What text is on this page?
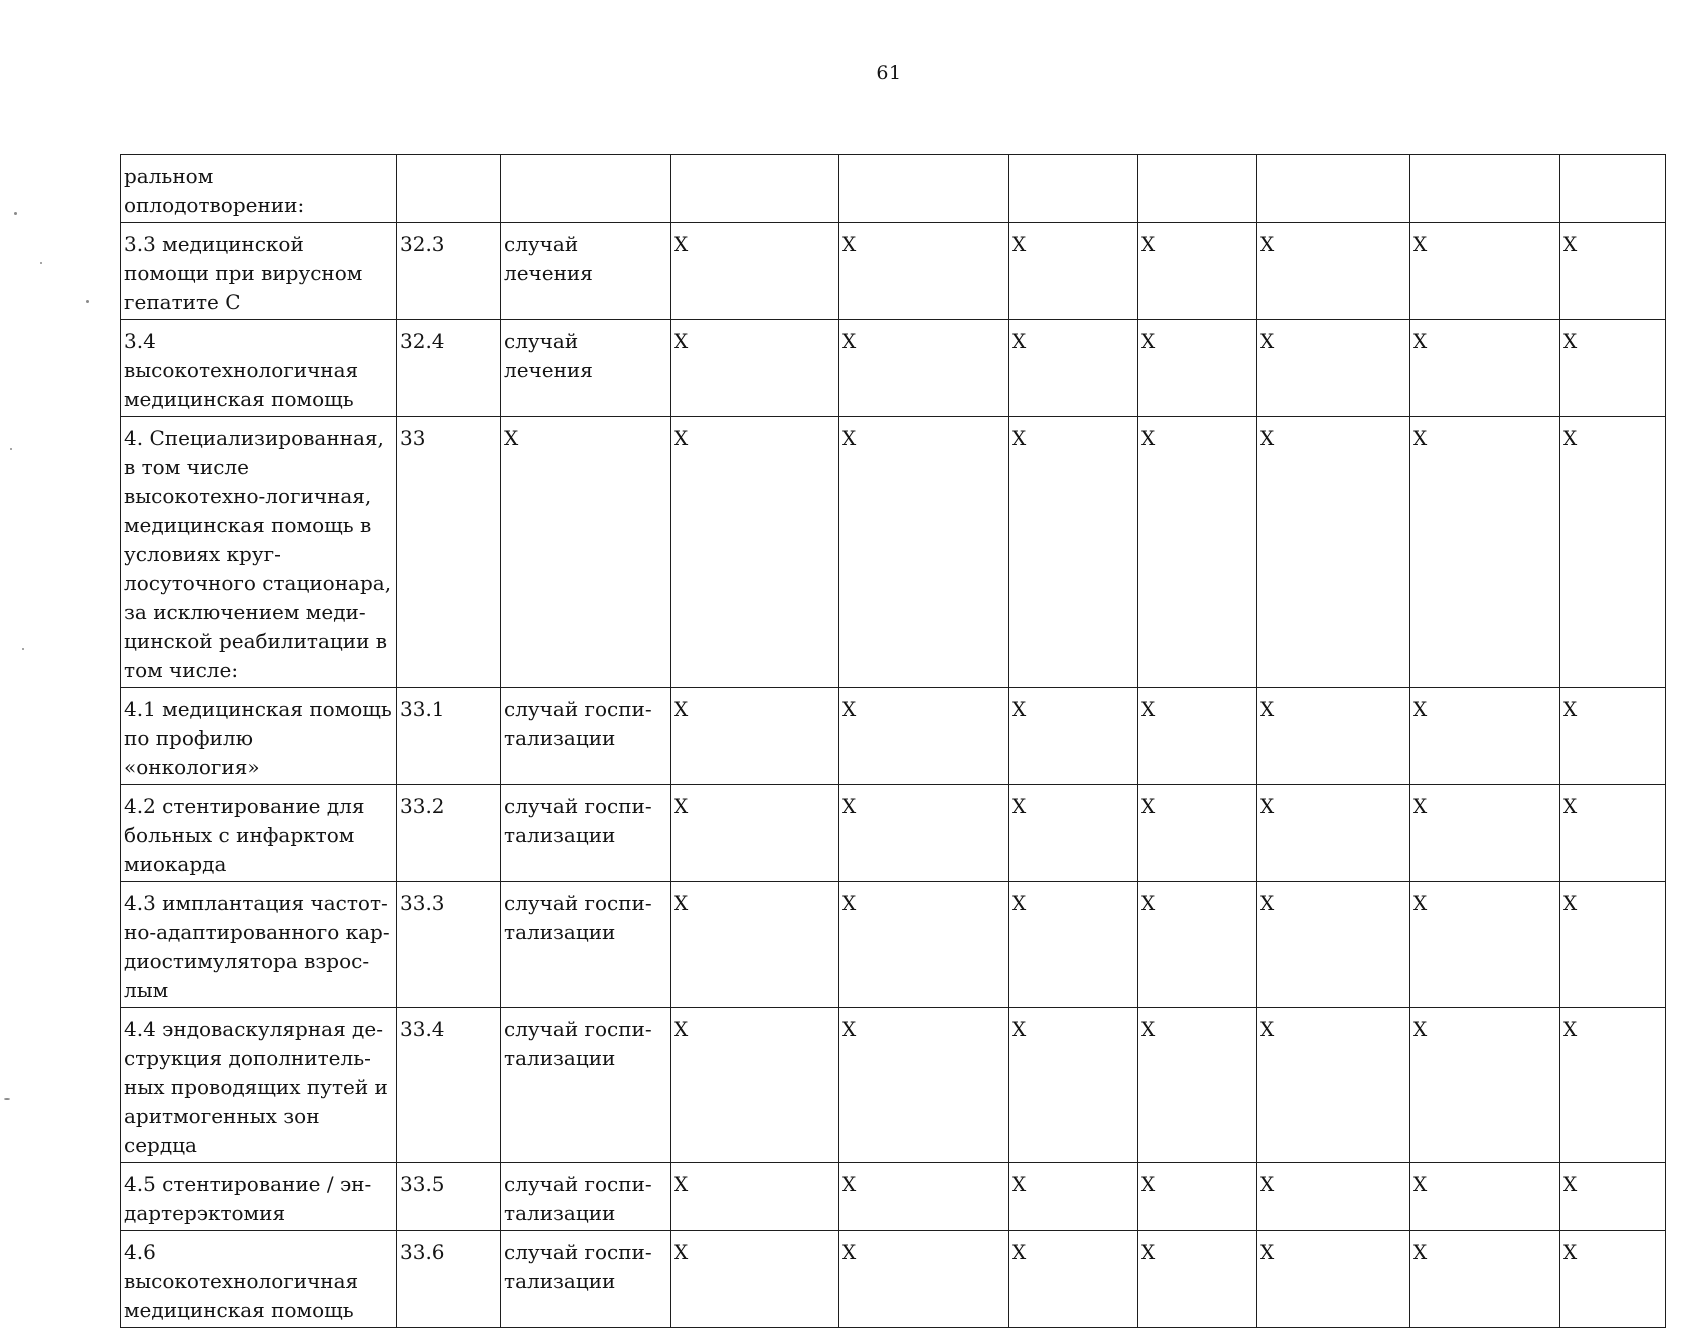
61
ральном оплодотворении:									
3.3 медицинской помощи при вирусном гепатите С	32.3	случай лечения	X	X	X	X	X	X	X
3.4 высокотехнологичная медицинская помощь	32.4	случай лечения	X	X	X	X	X	X	X
4. Специализированная, в том числе высокотехно-логичная, медицинская помощь в условиях круг-лосуточного стационара, за исключением меди-цинской реабилитации в том числе:	33	X	X	X	X	X	X	X	X
4.1 медицинская помощь по профилю «онкология»	33.1	случай госпи-тализации	X	X	X	X	X	X	X
4.2 стентирование для больных с инфарктом миокарда	33.2	случай госпи-тализации	X	X	X	X	X	X	X
4.3 имплантация частот-но-адаптированного кар-диостимулятора взрос-лым	33.3	случай госпи-тализации	X	X	X	X	X	X	X
4.4 эндоваскулярная де-струкция дополнитель-ных проводящих путей и аритмогенных зон сердца	33.4	случай госпи-тализации	X	X	X	X	X	X	X
4.5 стентирование / эн-дартерэктомия	33.5	случай госпи-тализации	X	X	X	X	X	X	X
4.6 высокотехнологичная медицинская помощь	33.6	случай госпи-тализации	X	X	X	X	X	X	X
